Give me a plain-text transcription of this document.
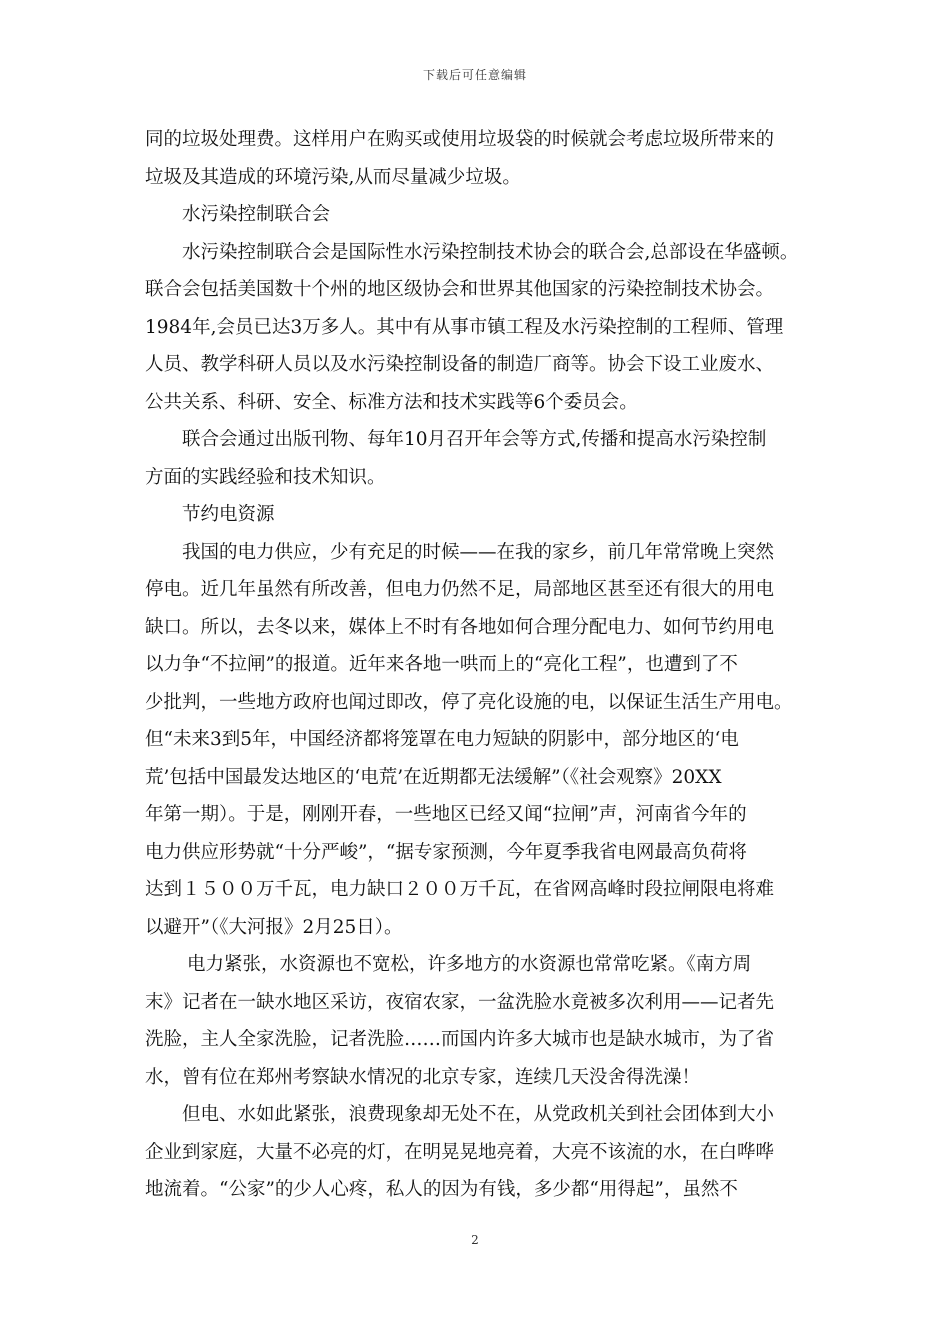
下载后可任意编辑
同的垃圾处理费。这样用户在购买或使用垃圾袋的时候就会考虑垃圾所带来的
垃圾及其造成的环境污染,从而尽量减少垃圾。
水污染控制联合会
水污染控制联合会是国际性水污染控制技术协会的联合会,总部设在华盛顿。
联合会包括美国数十个州的地区级协会和世界其他国家的污染控制技术协会。
1984年,会员已达3万多人。其中有从事市镇工程及水污染控制的工程师、管理
人员、教学科研人员以及水污染控制设备的制造厂商等。协会下设工业废水、
公共关系、科研、安全、标准方法和技术实践等6个委员会。
联合会通过出版刊物、每年10月召开年会等方式,传播和提高水污染控制
方面的实践经验和技术知识。
节约电资源
我国的电力供应，少有充足的时候——在我的家乡，前几年常常晚上突然
停电。近几年虽然有所改善，但电力仍然不足，局部地区甚至还有很大的用电
缺口。所以，去冬以来，媒体上不时有各地如何合理分配电力、如何节约用电
以力争“不拉闸”的报道。近年来各地一哄而上的“亮化工程”，也遭到了不
少批判，一些地方政府也闻过即改，停了亮化设施的电，以保证生活生产用电。
但“未来3到5年，中国经济都将笼罩在电力短缺的阴影中，部分地区的‘电
荒’包括中国最发达地区的‘电荒’在近期都无法缓解”（《社会观察》20XX
年第一期）。于是，刚刚开春，一些地区已经又闻“拉闸”声，河南省今年的
电力供应形势就“十分严峻”，“据专家预测，今年夏季我省电网最高负荷将
达到１５００万千瓦，电力缺口２００万千瓦，在省网高峰时段拉闸限电将难
以避开”（《大河报》2月25日）。
电力紧张，水资源也不宽松，许多地方的水资源也常常吃紧。《南方周
末》记者在一缺水地区采访，夜宿农家，一盆洗脸水竟被多次利用——记者先
洗脸，主人全家洗脸，记者洗脸……而国内许多大城市也是缺水城市，为了省
水，曾有位在郑州考察缺水情况的北京专家，连续几天没舍得洗澡！
但电、水如此紧张，浪费现象却无处不在，从党政机关到社会团体到大小
企业到家庭，大量不必亮的灯，在明晃晃地亮着，大亮不该流的水，在白哗哗
地流着。“公家”的少人心疼，私人的因为有钱，多少都“用得起”，虽然不
2
